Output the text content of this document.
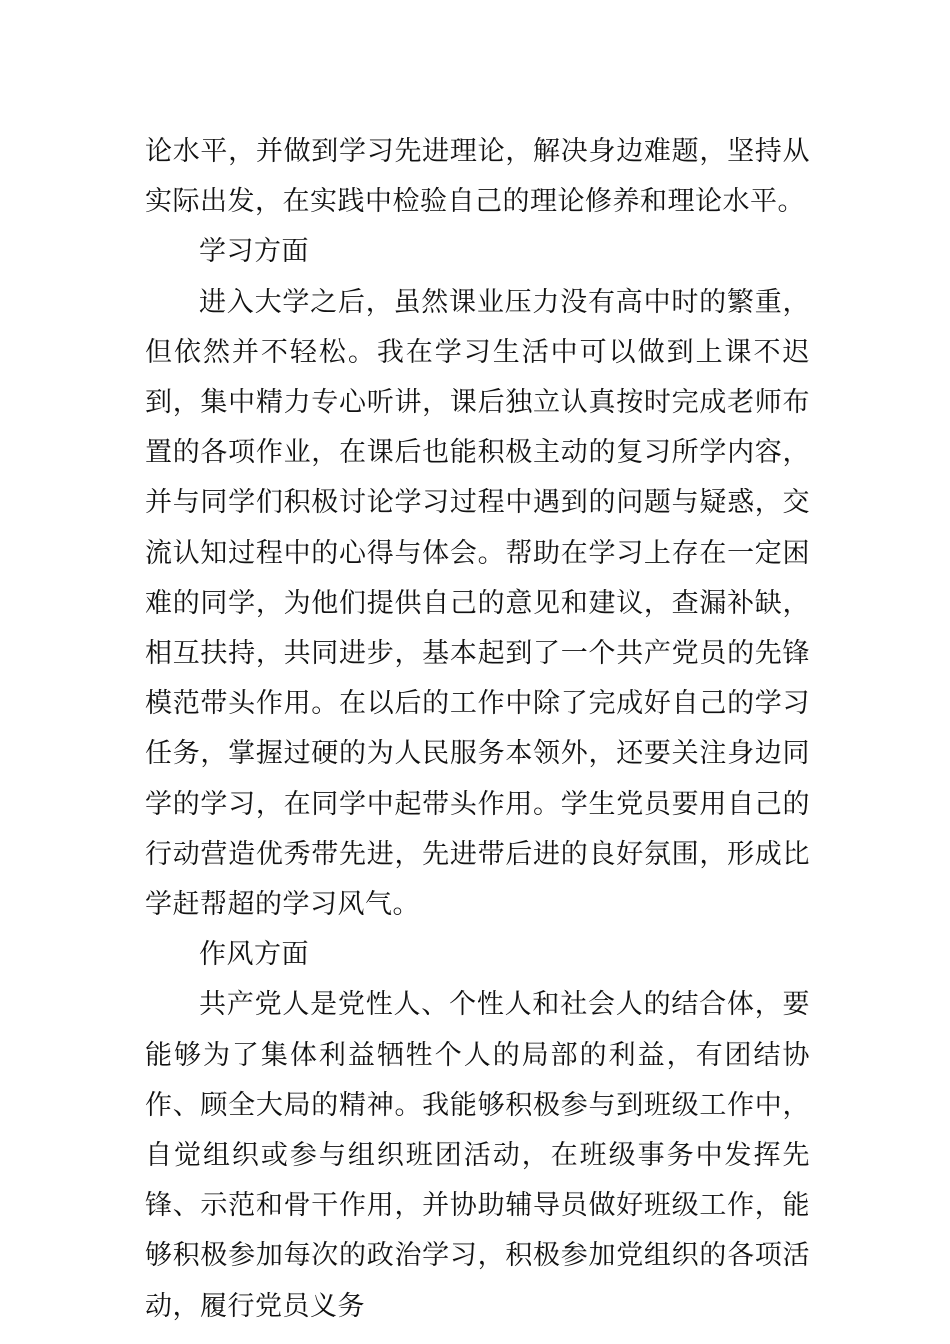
论水平，并做到学习先进理论，解决身边难题，坚持从实际出发，在实践中检验自己的理论修养和理论水平。

学习方面

进入大学之后，虽然课业压力没有高中时的繁重，但依然并不轻松。我在学习生活中可以做到上课不迟到，集中精力专心听讲，课后独立认真按时完成老师布置的各项作业，在课后也能积极主动的复习所学内容，并与同学们积极讨论学习过程中遇到的问题与疑惑，交流认知过程中的心得与体会。帮助在学习上存在一定困难的同学，为他们提供自己的意见和建议，查漏补缺，相互扶持，共同进步，基本起到了一个共产党员的先锋模范带头作用。在以后的工作中除了完成好自己的学习任务，掌握过硬的为人民服务本领外，还要关注身边同学的学习，在同学中起带头作用。学生党员要用自己的行动营造优秀带先进，先进带后进的良好氛围，形成比学赶帮超的学习风气。

作风方面

共产党人是党性人、个性人和社会人的结合体，要能够为了集体利益牺牲个人的局部的利益，有团结协作、顾全大局的精神。我能够积极参与到班级工作中，自觉组织或参与组织班团活动，在班级事务中发挥先锋、示范和骨干作用，并协助辅导员做好班级工作，能够积极参加每次的政治学习，积极参加党组织的各项活动，履行党员义务
